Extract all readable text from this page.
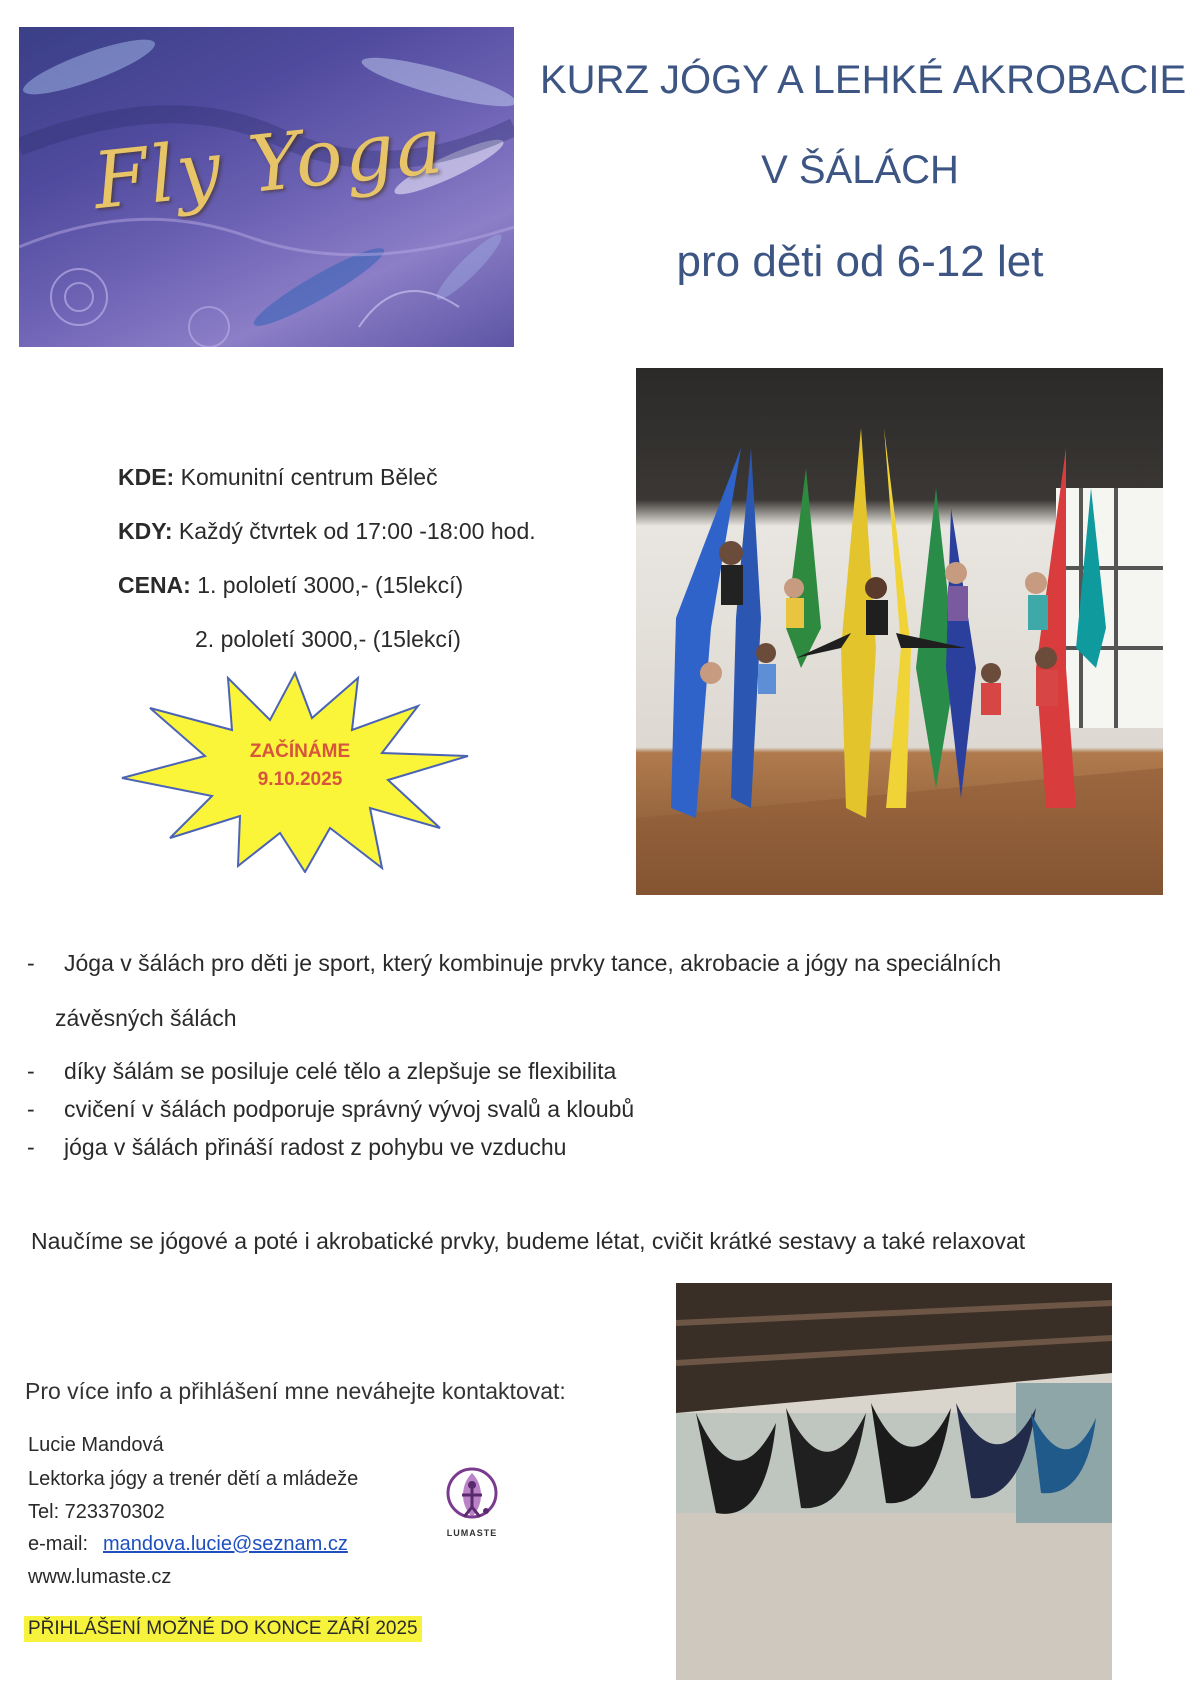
Fly Yoga
KURZ JÓGY A LEHKÉ AKROBACIE
V ŠÁLÁCH
pro děti od 6-12 let
KDE: Komunitní centrum Běleč
KDY: Každý čtvrtek od 17:00 -18:00 hod.
CENA: 1. pololetí 3000,- (15lekcí)
2. pololetí 3000,- (15lekcí)
ZAČÍNÁME
9.10.2025
- Jóga v šálách pro děti je sport, který kombinuje prvky tance, akrobacie a jógy na speciálních
závěsných šálách
- díky šálám se posiluje celé tělo a zlepšuje se flexibilita
- cvičení v šálách podporuje správný vývoj svalů a kloubů
- jóga v šálách přináší radost z pohybu ve vzduchu
Naučíme se jógové a poté i akrobatické prvky, budeme létat, cvičit krátké sestavy a také relaxovat
Pro více info a přihlášení mne neváhejte kontaktovat:
Lucie Mandová
Lektorka jógy a trenér dětí a mládeže
Tel: 723370302
e-mail: mandova.lucie@seznam.cz
www.lumaste.cz
LUMASTE
PŘIHLÁŠENÍ MOŽNÉ DO KONCE ZÁŘÍ 2025
